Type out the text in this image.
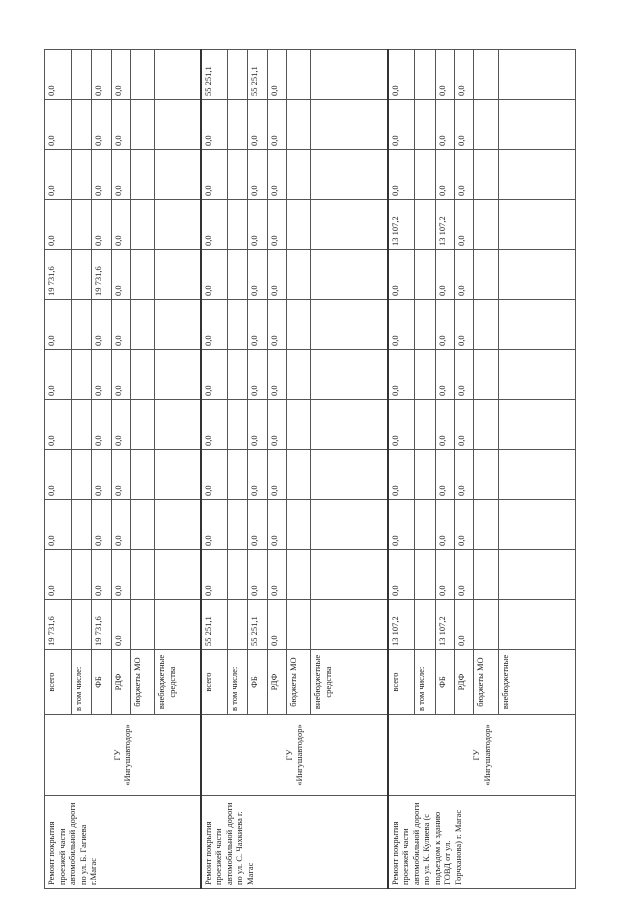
Ремонт покрытия проезжей части автомобильной дороги по ул. Б. Гагиева г.Магас	ГУ «Ингушавтодор»	всего	19 731,6	0,0	0,0	0,0	0,0	0,0	0,0	19 731,6	0,0	0,0	0,0	0,0
		в том числе:												
		ФБ	19 731,6	0,0	0,0	0,0	0,0	0,0	0,0	19 731,6	0,0	0,0	0,0	0,0
		РДФ	0,0	0,0	0,0	0,0	0,0	0,0	0,0	0,0	0,0	0,0	0,0	0,0
		бюджеты МО												
		внебюджетные средства												
Ремонт покрытия проезжей части автомобильной дороги по ул. С. Чахкиева г. Магас	ГУ «Ингушавтодор»	всего	55 251,1	0,0	0,0	0,0	0,0	0,0	0,0	0,0	0,0	0,0	0,0	55 251,1
		в том числе:												
		ФБ	55 251,1	0,0	0,0	0,0	0,0	0,0	0,0	0,0	0,0	0,0	0,0	55 251,1
		РДФ	0,0	0,0	0,0	0,0	0,0	0,0	0,0	0,0	0,0	0,0	0,0	0,0
		бюджеты МО												
		внебюджетные средства												
Ремонт покрытия проезжей части автомобильной дороги по ул. К. Кулиева (с подъездом к зданию ГОВД от ул. Горчханова) г. Магас	ГУ «Ингушавтодор»	всего	13 107,2	0,0	0,0	0,0	0,0	0,0	0,0	0,0	13 107,2	0,0	0,0	0,0
		в том числе:												
		ФБ	13 107,2	0,0	0,0	0,0	0,0	0,0	0,0	0,0	13 107,2	0,0	0,0	0,0
		РДФ	0,0	0,0	0,0	0,0	0,0	0,0	0,0	0,0	0,0	0,0	0,0	0,0
		бюджеты МО												
		внебюджетные												
